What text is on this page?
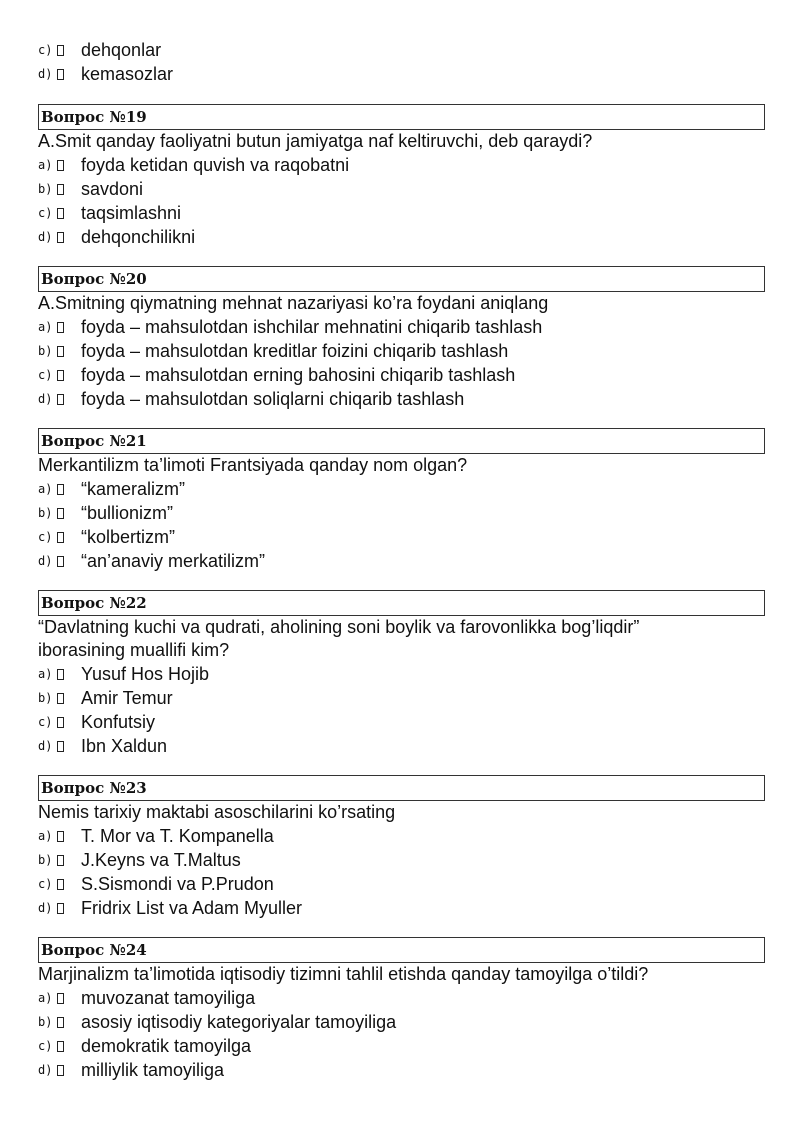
c) dehqonlar
d) kemasozlar
Вопрос №19
A.Smit qanday faoliyatni butun jamiyatga naf keltiruvchi, deb qaraydi?
a) foyda ketidan quvish va raqobatni
b) savdoni
c) taqsimlashni
d) dehqonchilikni
Вопрос №20
A.Smitning qiymatning mehnat nazariyasi ko’ra foydani aniqlang
a) foyda – mahsulotdan ishchilar mehnatini chiqarib tashlash
b) foyda – mahsulotdan kreditlar foizini chiqarib tashlash
c) foyda – mahsulotdan erning bahosini chiqarib tashlash
d) foyda – mahsulotdan soliqlarni chiqarib tashlash
Вопрос №21
Merkantilizm ta’limoti Frantsiyada qanday nom olgan?
a) “kameralizm”
b) “bullionizm”
c) “kolbertizm”
d) “an’anaviy merkatilizm”
Вопрос №22
“Davlatning kuchi va qudrati, aholining soni boylik va farovonlikka bog’liqdir” iborasining muallifi kim?
a) Yusuf Hos Hojib
b) Amir Temur
c) Konfutsiy
d) Ibn Xaldun
Вопрос №23
Nemis tarixiy maktabi asoschilarini ko’rsating
a) T. Mor va T. Kompanella
b) J.Keyns va T.Maltus
c) S.Sismondi va P.Prudon
d) Fridrix List va Adam Myuller
Вопрос №24
Marjinalizm ta’limotida iqtisodiy tizimni tahlil etishda qanday tamoyilga o’tildi?
a) muvozanat tamoyiliga
b) asosiy iqtisodiy kategoriyalar tamoyiliga
c) demokratik tamoyilga
d) milliylik tamoyiliga
